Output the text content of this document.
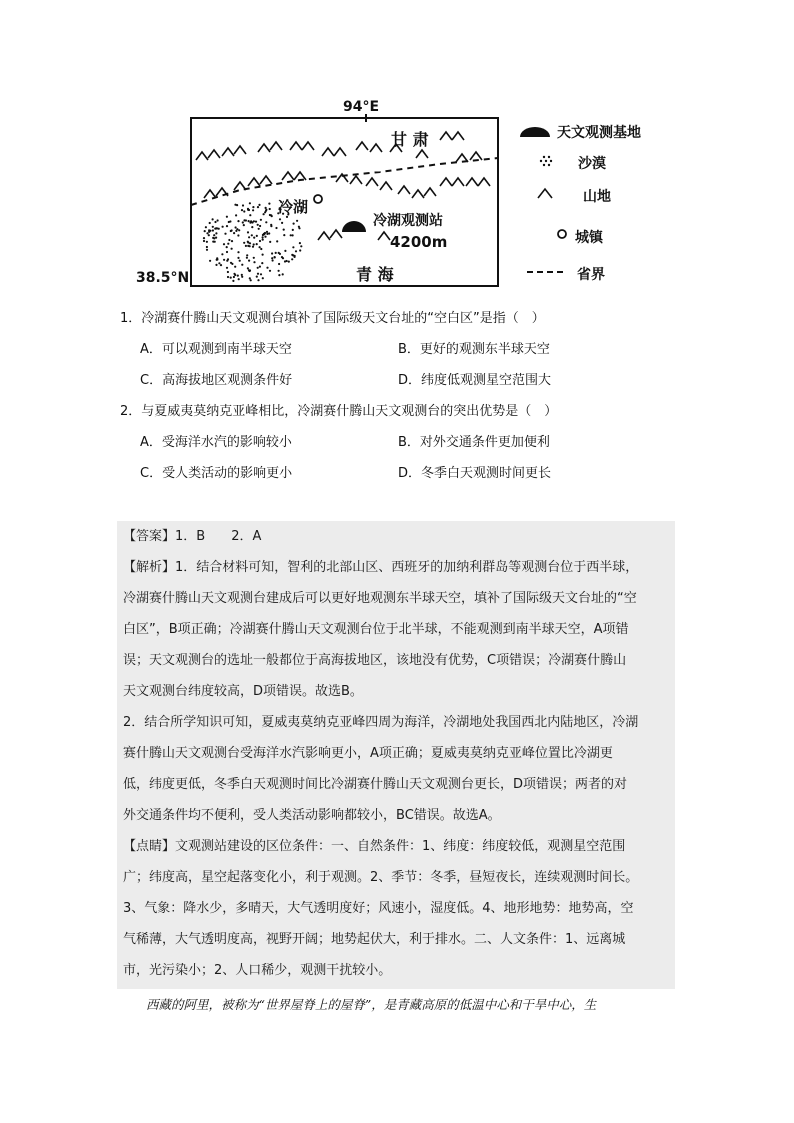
94°E
38.5°N
甘 肃
青 海
冷湖
冷湖观测站
4200m
天文观测基地
沙漠
山地
城镇
省界
1．冷湖赛什腾山天文观测台填补了国际级天文台址的“空白区”是指（　）
A．可以观测到南半球天空	B．更好的观测东半球天空
C．高海拔地区观测条件好	D．纬度低观测星空范围大
2．与夏威夷莫纳克亚峰相比，冷湖赛什腾山天文观测台的突出优势是（　）
A．受海洋水汽的影响较小	B．对外交通条件更加便利
C．受人类活动的影响更小	D．冬季白天观测时间更长
【答案】1．B　　2．A
【解析】1．结合材料可知，智利的北部山区、西班牙的加纳利群岛等观测台位于西半球，
冷湖赛什腾山天文观测台建成后可以更好地观测东半球天空，填补了国际级天文台址的“空
白区”，B项正确；冷湖赛什腾山天文观测台位于北半球，不能观测到南半球天空，A项错
误；天文观测台的选址一般都位于高海拔地区，该地没有优势，C项错误；冷湖赛什腾山
天文观测台纬度较高，D项错误。故选B。
2．结合所学知识可知，夏威夷莫纳克亚峰四周为海洋，冷湖地处我国西北内陆地区，冷湖
赛什腾山天文观测台受海洋水汽影响更小，A项正确；夏威夷莫纳克亚峰位置比冷湖更
低，纬度更低，冬季白天观测时间比冷湖赛什腾山天文观测台更长，D项错误；两者的对
外交通条件均不便利，受人类活动影响都较小，BC错误。故选A。
【点睛】文观测站建设的区位条件：一、自然条件：1、纬度：纬度较低，观测星空范围
广；纬度高，星空起落变化小，利于观测。2、季节：冬季，昼短夜长，连续观测时间长。
3、气象：降水少，多晴天，大气透明度好；风速小，湿度低。4、地形地势：地势高，空
气稀薄，大气透明度高，视野开阔；地势起伏大，利于排水。二、人文条件：1、远离城
市，光污染小；2、人口稀少，观测干扰较小。
西藏的阿里，被称为“世界屋脊上的屋脊”，是青藏高原的低温中心和干旱中心，生
